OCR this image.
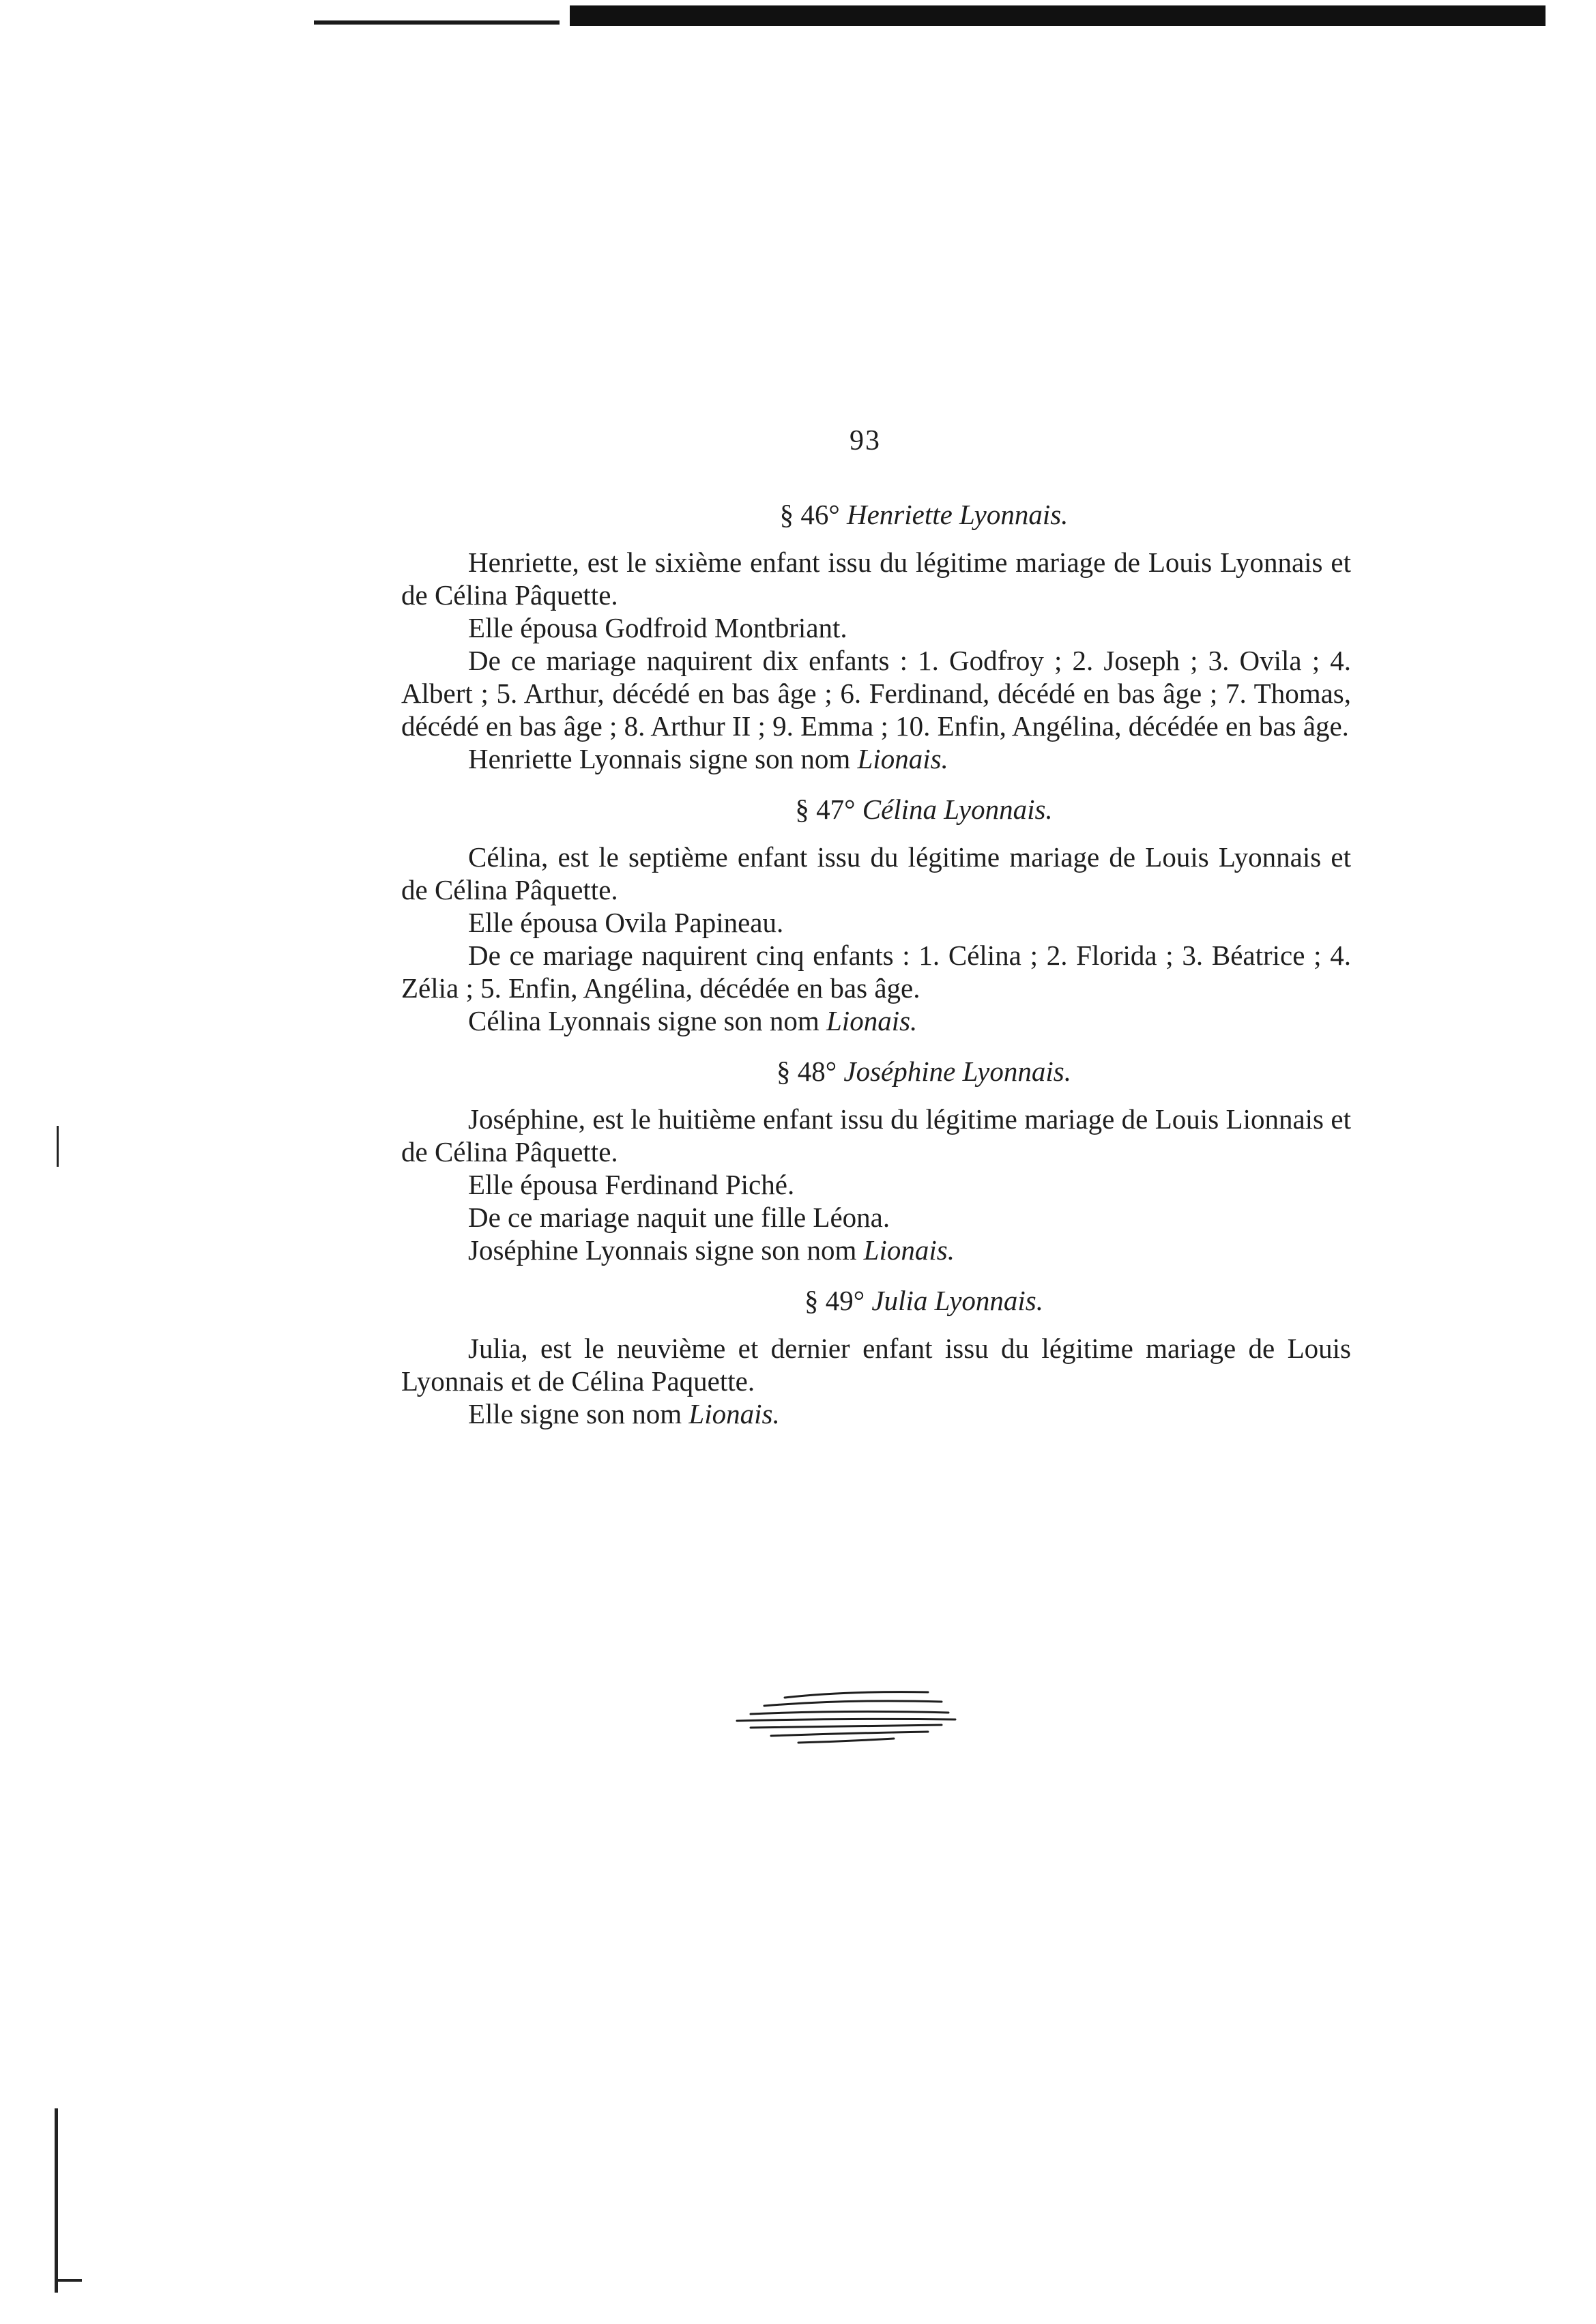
93
§ 46° Henriette Lyonnais.

Henriette, est le sixième enfant issu du légitime mariage de Louis Lyonnais et de Célina Pâquette.

Elle épousa Godfroid Montbriant.

De ce mariage naquirent dix enfants : 1. Godfroy ; 2. Joseph ; 3. Ovila ; 4. Albert ; 5. Arthur, décédé en bas âge ; 6. Ferdinand, décédé en bas âge ; 7. Thomas, décédé en bas âge ; 8. Arthur II ; 9. Emma ; 10. Enfin, Angélina, décédée en bas âge.

Henriette Lyonnais signe son nom Lionais.

§ 47° Célina Lyonnais.

Célina, est le septième enfant issu du légitime mariage de Louis Lyonnais et de Célina Pâquette.

Elle épousa Ovila Papineau.

De ce mariage naquirent cinq enfants : 1. Célina ; 2. Florida ; 3. Béatrice ; 4. Zélia ; 5. Enfin, Angélina, décédée en bas âge.

Célina Lyonnais signe son nom Lionais.

§ 48° Joséphine Lyonnais.

Joséphine, est le huitième enfant issu du légitime mariage de Louis Lionnais et de Célina Pâquette.

Elle épousa Ferdinand Piché.

De ce mariage naquit une fille Léona.

Joséphine Lyonnais signe son nom Lionais.

§ 49° Julia Lyonnais.

Julia, est le neuvième et dernier enfant issu du légitime mariage de Louis Lyonnais et de Célina Paquette.

Elle signe son nom Lionais.
